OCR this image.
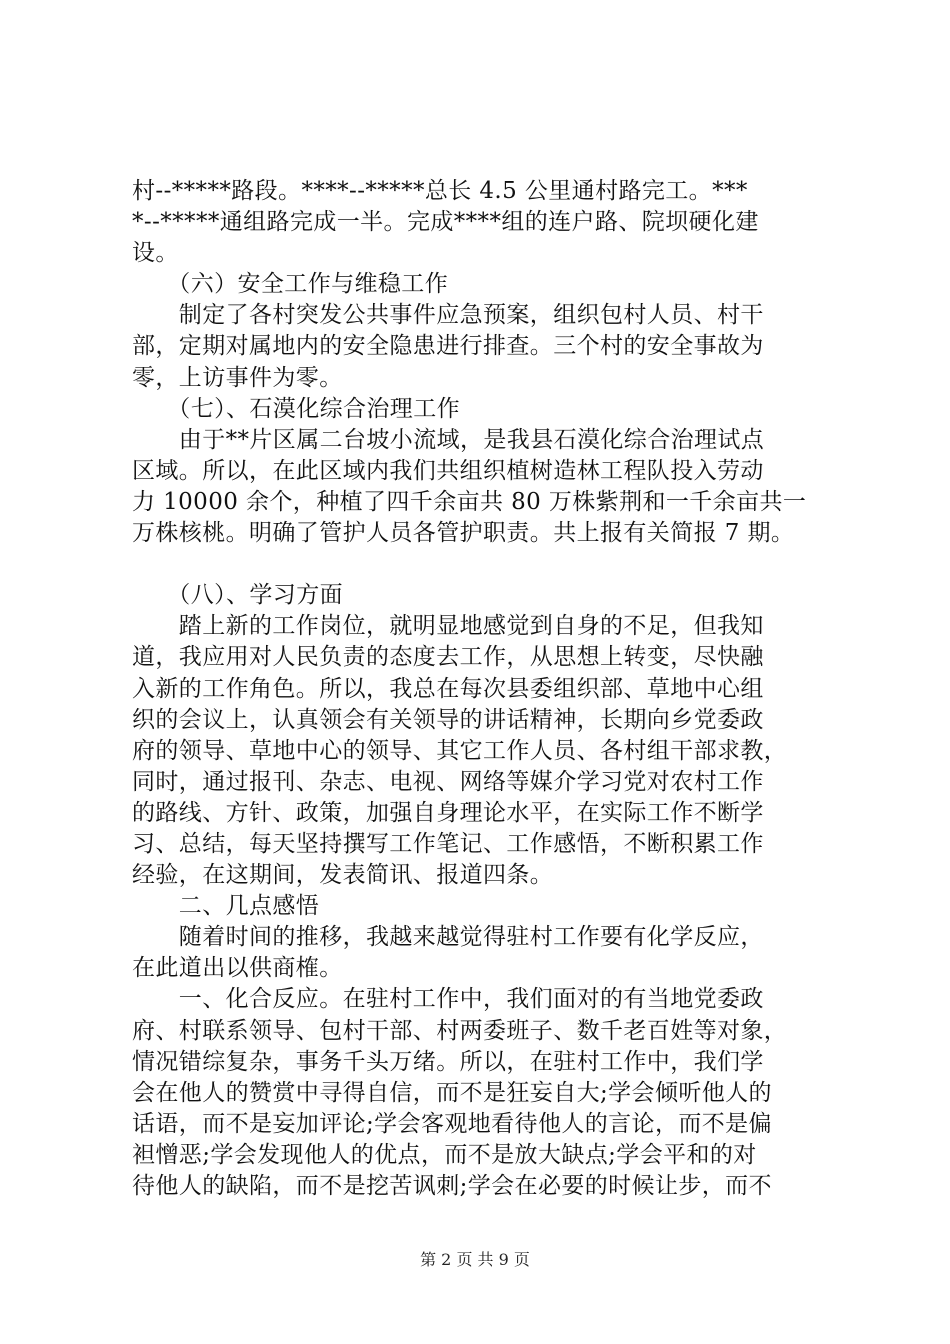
村--*****路段。****--*****总长 4.5 公里通村路完工。***
*--*****通组路完成一半。完成****组的连户路、院坝硬化建
设。
　　（六）安全工作与维稳工作
　　制定了各村突发公共事件应急预案，组织包村人员、村干
部，定期对属地内的安全隐患进行排查。三个村的安全事故为
零，上访事件为零。
　　（七）、石漠化综合治理工作
　　由于**片区属二台坡小流域，是我县石漠化综合治理试点
区域。所以，在此区域内我们共组织植树造林工程队投入劳动
力 10000 余个，种植了四千余亩共 80 万株紫荆和一千余亩共一
万株核桃。明确了管护人员各管护职责。共上报有关简报 7 期。
　　（八）、学习方面
　　踏上新的工作岗位，就明显地感觉到自身的不足，但我知
道，我应用对人民负责的态度去工作，从思想上转变，尽快融
入新的工作角色。所以，我总在每次县委组织部、草地中心组
织的会议上，认真领会有关领导的讲话精神，长期向乡党委政
府的领导、草地中心的领导、其它工作人员、各村组干部求教，
同时，通过报刊、杂志、电视、网络等媒介学习党对农村工作
的路线、方针、政策，加强自身理论水平，在实际工作不断学
习、总结，每天坚持撰写工作笔记、工作感悟，不断积累工作
经验，在这期间，发表简讯、报道四条。
　　二、几点感悟
　　随着时间的推移，我越来越觉得驻村工作要有化学反应，
在此道出以供商榷。
　　一、化合反应。在驻村工作中，我们面对的有当地党委政
府、村联系领导、包村干部、村两委班子、数千老百姓等对象，
情况错综复杂，事务千头万绪。所以，在驻村工作中，我们学
会在他人的赞赏中寻得自信，而不是狂妄自大;学会倾听他人的
话语，而不是妄加评论;学会客观地看待他人的言论，而不是偏
袒憎恶;学会发现他人的优点，而不是放大缺点;学会平和的对
待他人的缺陷，而不是挖苦讽刺;学会在必要的时候让步，而不
第 2 页 共 9 页
